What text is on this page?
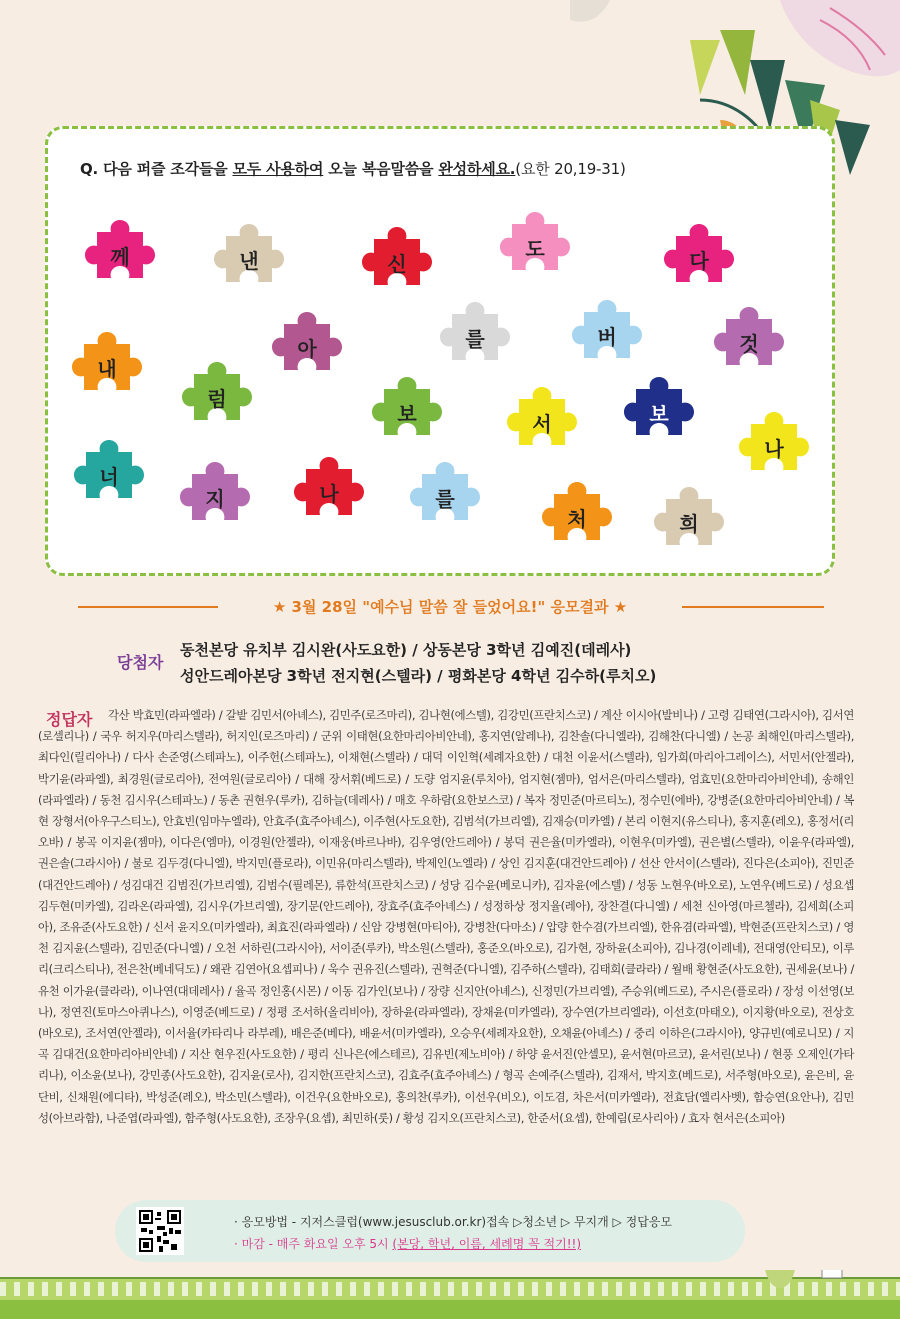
Q. 다음 퍼즐 조각들을 모두 사용하여 오늘 복음말씀을 완성하세요.(요한 20,19-31)
께	낸	신
도	다
아	를	버	것
내
럼
보	서	보
나
너
지	나	를
처	희
★ 3월 28일 "예수님 말씀 잘 들었어요!" 응모결과 ★
당첨자
동천본당 유치부 김시완(사도요한) / 상동본당 3학년 김예진(데레사)
성안드레아본당 3학년 전지현(스텔라) / 평화본당 4학년 김수하(루치오)
정답자	각산 박효민(라파엘라) / 갈밭 김민서(아녜스), 김민주(로즈마리), 김나현(에스텔), 김강민(프란치스코) / 계산 이시아(발비나) / 고령 김태연(그라시아), 김서연(로셀리나) / 국우 허지우(마리스텔라), 허지인(로즈마리) / 군위 이태현(요한마리아비안네), 홍지연(알레나), 김찬솔(다니엘라), 김해찬(다니엘) / 논공 최해인(마리스텔라), 최다인(릴리아나) / 다사 손준영(스테파노), 이주헌(스테파노), 이채현(스텔라) / 대덕 이인혁(세례자요한) / 대천 이윤서(스텔라), 임가희(마리아그레이스), 서민서(안젤라), 박기윤(라파엘), 최경원(글로리아), 전여원(글로리아) / 대해 장서휘(베드로) / 도량 엄지윤(루치아), 엄지현(젬마), 엄서은(마리스텔라), 엄효민(요한마리아비안네), 송해인(라파엘라) / 동천 김시우(스테파노) / 동촌 권현우(루카), 김하늘(데레사) / 매호 우하람(요한보스코) / 복자 정민준(마르티노), 정수민(에바), 강병준(요한마리아비안네) / 복현 장형서(아우구스티노), 안효빈(임마누엘라), 안효주(효주아녜스), 이주현(사도요한), 김범석(가브리엘), 김재승(미카엘) / 본리 이현지(유스티나), 홍지훈(레오), 홍정서(리오바) / 봉곡 이지윤(젬마), 이다은(엠마), 이경원(안젤라), 이재웅(바르나바), 김우영(안드레아) / 봉덕 권은율(미카엘라), 이현우(미카엘), 권은별(스텔라), 이윤우(라파엘), 권은솔(그라시아) / 불로 김두경(다니엘), 박지민(플로라), 이민유(마리스텔라), 박제인(노엘라) / 상인 김지훈(대건안드레아) / 선산 안서이(스텔라), 진다은(소피아), 진민준(대건안드레아) / 성김대건 김범진(가브리엘), 김범수(필레몬), 류한석(프란치스코) / 성당 김수윤(베로니카), 김자윤(에스텔) / 성동 노현우(바오로), 노연우(베드로) / 성요셉 김두현(미카엘), 김라온(라파엘), 김시우(가브리엘), 장기문(안드레아), 장효주(효주아녜스) / 성정하상 정지율(레아), 장찬결(다니엘) / 세천 신아영(마르첼라), 김세희(소피아), 조유준(사도요한) / 신서 윤지오(미카엘라), 최효진(라파엘라) / 신암 강병현(마티아), 강병찬(다마소) / 압량 한수겸(가브리엘), 한유겸(라파엘), 박현준(프란치스코) / 영천 김지윤(스텔라), 김민준(다니엘) / 오천 서하린(그라시아), 서이준(루카), 박소원(스텔라), 홍준오(바오로), 김가현, 장하윤(소피아), 김나경(이레네), 전대영(안티모), 이루리(크리스티나), 전은찬(베네딕도) / 왜관 김연아(요셉피나) / 욱수 권유진(스텔라), 권혁준(다니엘), 김주하(스텔라), 김태희(클라라) / 월배 황현준(사도요한), 권세윤(보나) / 유천 이가윤(클라라), 이나연(대데레사) / 율곡 정인홍(시몬) / 이동 김가인(보나) / 장량 신지안(아녜스), 신정민(가브리엘), 주승위(베드로), 주시은(플로라) / 장성 이선영(보나), 정연진(토마스아퀴나스), 이영준(베드로) / 정평 조서하(올리비아), 장하윤(라파엘라), 장채윤(미카엘라), 장수연(가브리엘라), 이선호(마태오), 이지황(바오로), 전상호(바오로), 조서연(안젤라), 이서율(카타리나 라부레), 배은준(베다), 배윤서(미카엘라), 오승우(세례자요한), 오채윤(아녜스) / 중리 이하은(그라시아), 양규빈(예로니모) / 지곡 김대건(요한마리아비안네) / 지산 현우진(사도요한) / 평리 신나은(에스테르), 김유빈(제노비아) / 하양 윤서진(안셀모), 윤서현(마르코), 윤서린(보나) / 현풍 오제인(가타리나), 이소윤(보나), 강민종(사도요한), 김지윤(로사), 김지한(프란치스코), 김효주(효주아녜스) / 형곡 손예주(스텔라), 김재서, 박지호(베드로), 서주형(바오로), 윤은비, 윤단비, 신채원(에디타), 박성준(레오), 박소민(스텔라), 이건우(요한바오로), 홍의찬(루카), 이선우(비오), 이도겸, 차은서(미카엘라), 전효담(엘리사벳), 함승연(요안나), 김민성(아브라함), 나준엽(라파엘), 함주형(사도요한), 조장우(요셉), 최민하(룻) / 황성 김지오(프란치스코), 한준서(요셉), 한예림(로사리아) / 효자 현서은(소피아)
· 응모방법 - 지저스클럽(www.jesusclub.or.kr)접속 ▷청소년 ▷ 무지개 ▷ 정답응모
· 마감 - 매주 화요일 오후 5시 (본당, 학년, 이름, 세례명 꼭 적기!!)
